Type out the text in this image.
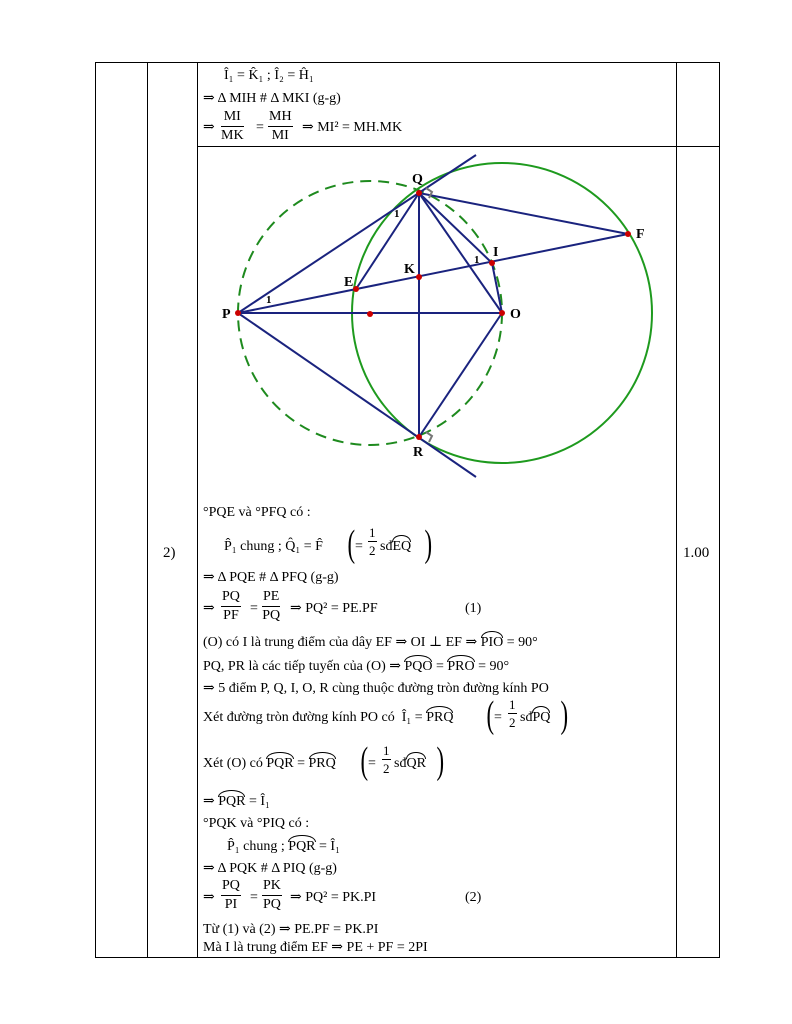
Î₁ = K̂₁ ; Î₂ = Ĥ₁
⇒ Δ MIH # Δ MKI (g-g)
⇒ $\frac{MI}{MK} = \frac{MH}{MI}$ ⇒ MI² = MH.MK
2)	1.00
Q
F
I
K
E
P	O
R
1
1
1
°PQE và °PFQ có :
P̂₁ chung ; Q̂₁ = F̂ ( = $\frac{1}{2}$ sđEQ )
⇒ Δ PQE # Δ PFQ (g-g)
⇒ $\frac{PQ}{PF} = \frac{PE}{PQ}$ ⇒ PQ² = PE.PF	(1)
(O) có I là trung điểm của dây EF ⇒ OI ⊥ EF ⇒ PIO = 90°
PQ, PR là các tiếp tuyến của (O) ⇒ PQO = PRO = 90°
⇒ 5 điểm P, Q, I, O, R cùng thuộc đường tròn đường kính PO
Xét đường tròn đường kính PO có Î₁ = PRQ ( = $\frac{1}{2}$ sđPQ )
Xét (O) có PQR = PRQ ( = $\frac{1}{2}$ sđQR )
⇒ PQR = Î₁
°PQK và °PIQ có :
P̂₁ chung ; PQR = Î₁
⇒ Δ PQK # Δ PIQ (g-g)
⇒ $\frac{PQ}{PI} = \frac{PK}{PQ}$ ⇒ PQ² = PK.PI	(2)
Từ (1) và (2) ⇒ PE.PF = PK.PI
Mà I là trung điểm EF ⇒ PE + PF = 2PI
